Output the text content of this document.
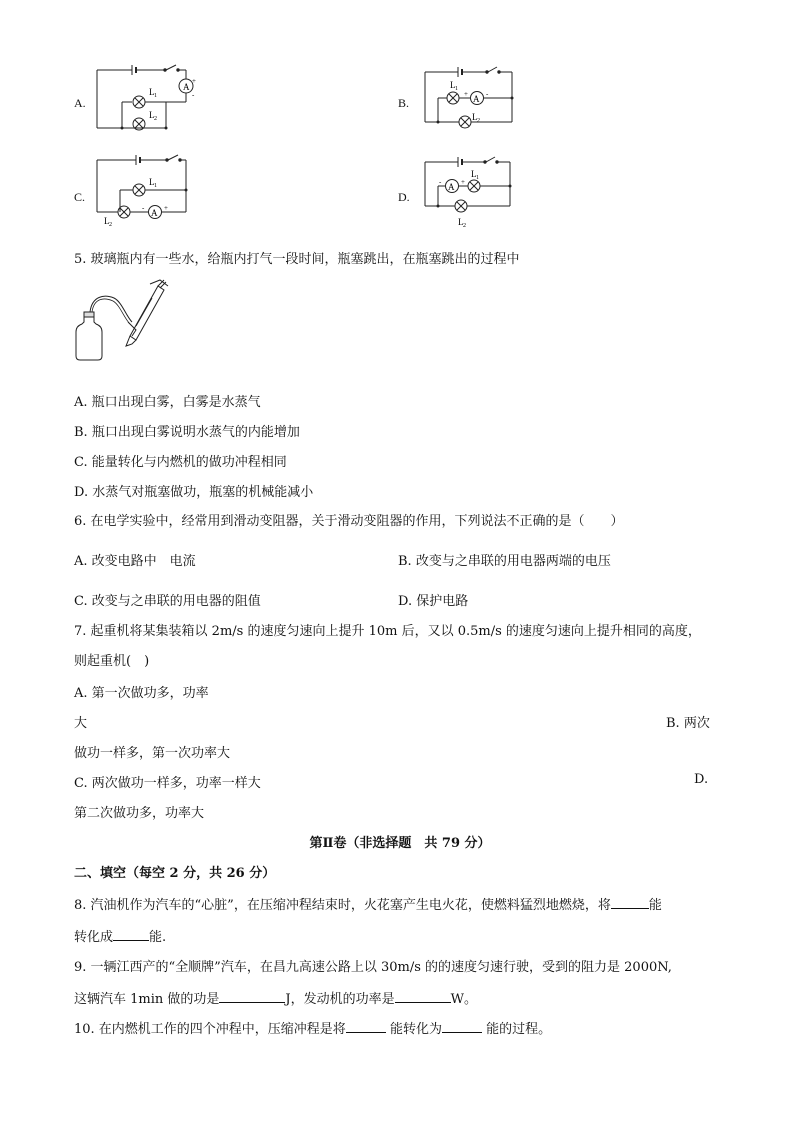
A.
A
+
-
L 1
L 2
B.	A
+	-
L 1
L 2
C.
A +
-
L 1
L 2
D.
A +
-
L 1
L 2
5. 玻璃瓶内有一些水，给瓶内打气一段时间，瓶塞跳出，在瓶塞跳出的过程中
A. 瓶口出现白雾，白雾是水蒸气
B. 瓶口出现白雾说明水蒸气的内能增加
C. 能量转化与内燃机的做功冲程相同
D. 水蒸气对瓶塞做功，瓶塞的机械能减小
6. 在电学实验中，经常用到滑动变阻器，关于滑动变阻器的作用，下列说法不正确的是（　　）
A. 改变电路中　电流	B. 改变与之串联的用电器两端的电压
C. 改变与之串联的用电器的阻值	D. 保护电路
7. 起重机将某集装箱以 2m/s 的速度匀速向上提升 10m 后，又以 0.5m/s 的速度匀速向上提升相同的高度，
则起重机(　)
A. 第一次做功多，功率
大	B. 两次
做功一样多，第一次功率大
C. 两次做功一样多，功率一样大	D.
第二次做功多，功率大
第Ⅱ卷（非选择题　共 79 分）
二、填空（每空 2 分，共 26 分）
8. 汽油机作为汽车的“心脏”，在压缩冲程结束时，火花塞产生电火花，使燃料猛烈地燃烧，将	能
转化成	能.
9. 一辆江西产的“全顺牌”汽车，在昌九高速公路上以 30m/s 的的速度匀速行驶，受到的阻力是 2000N,
这辆汽车 1min 做的功是	J，发动机的功率是	W。
10. 在内燃机工作的四个冲程中，压缩冲程是将	能转化为	能的过程。
